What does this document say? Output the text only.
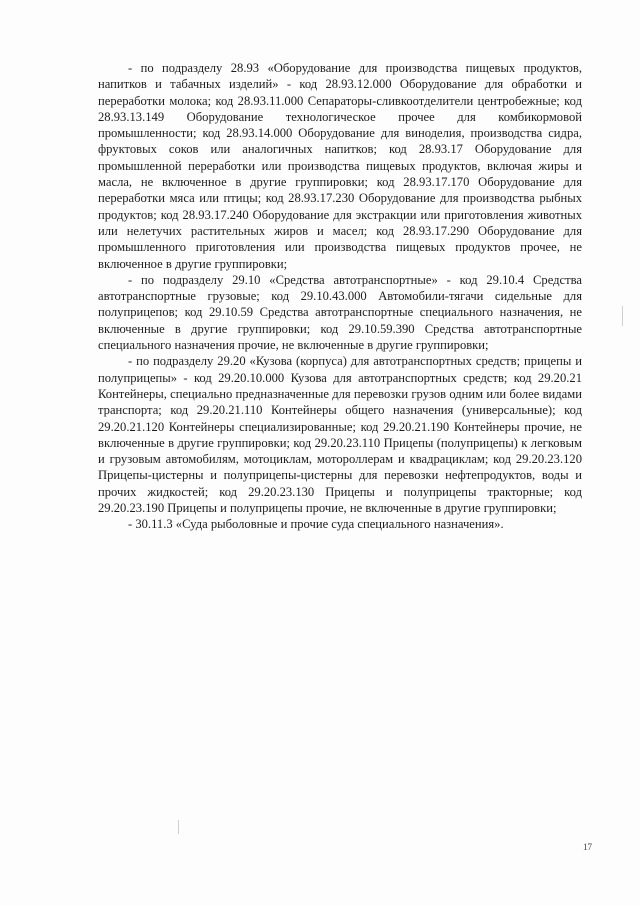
- по подразделу 28.93 «Оборудование для производства пищевых продуктов, напитков и табачных изделий» - код 28.93.12.000 Оборудование для обработки и переработки молока; код 28.93.11.000 Сепараторы-сливкоотделители центробежные; код 28.93.13.149 Оборудование технологическое прочее для комбикормовой промышленности; код 28.93.14.000 Оборудование для виноделия, производства сидра, фруктовых соков или аналогичных напитков; код 28.93.17 Оборудование для промышленной переработки или производства пищевых продуктов, включая жиры и масла, не включенное в другие группировки; код 28.93.17.170 Оборудование для переработки мяса или птицы; код 28.93.17.230 Оборудование для производства рыбных продуктов; код 28.93.17.240 Оборудование для экстракции или приготовления животных или нелетучих растительных жиров и масел; код 28.93.17.290 Оборудование для промышленного приготовления или производства пищевых продуктов прочее, не включенное в другие группировки;

- по подразделу 29.10 «Средства автотранспортные» - код 29.10.4 Средства автотранспортные грузовые; код 29.10.43.000 Автомобили-тягачи сидельные для полуприцепов; код 29.10.59 Средства автотранспортные специального назначения, не включенные в другие группировки; код 29.10.59.390 Средства автотранспортные специального назначения прочие, не включенные в другие группировки;

- по подразделу 29.20 «Кузова (корпуса) для автотранспортных средств; прицепы и полуприцепы» - код 29.20.10.000 Кузова для автотранспортных средств; код 29.20.21 Контейнеры, специально предназначенные для перевозки грузов одним или более видами транспорта; код 29.20.21.110 Контейнеры общего назначения (универсальные); код 29.20.21.120 Контейнеры специализированные; код 29.20.21.190 Контейнеры прочие, не включенные в другие группировки; код 29.20.23.110 Прицепы (полуприцепы) к легковым и грузовым автомобилям, мотоциклам, мотороллерам и квадрациклам; код 29.20.23.120 Прицепы-цистерны и полуприцепы-цистерны для перевозки нефтепродуктов, воды и прочих жидкостей; код 29.20.23.130 Прицепы и полуприцепы тракторные; код 29.20.23.190 Прицепы и полуприцепы прочие, не включенные в другие группировки;

- 30.11.3 «Суда рыболовные и прочие суда специального назначения».

17
